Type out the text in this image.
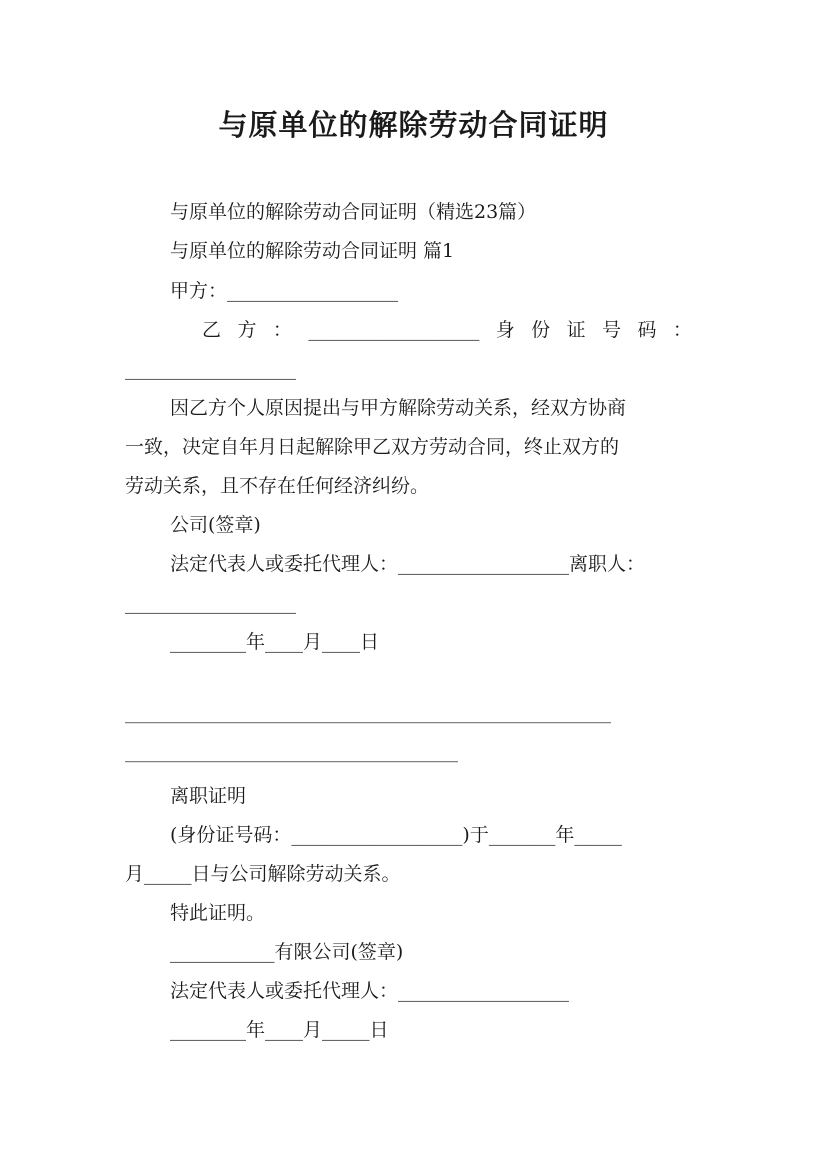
与原单位的解除劳动合同证明
与原单位的解除劳动合同证明（精选23篇）
与原单位的解除劳动合同证明 篇1
甲方：__________________
乙 方 ： __________________ 身 份 证 号 码 ：
__________________
因乙方个人原因提出与甲方解除劳动关系，经双方协商
一致，决定自年月日起解除甲乙双方劳动合同，终止双方的
劳动关系，且不存在任何经济纠纷。
公司(签章)
法定代表人或委托代理人：__________________离职人：
__________________
________年____月____日
______________________________________________________
_____________________________________
离职证明
(身份证号码：__________________)于_______年_____
月_____日与公司解除劳动关系。
特此证明。
___________有限公司(签章)
法定代表人或委托代理人：__________________
________年____月_____日
